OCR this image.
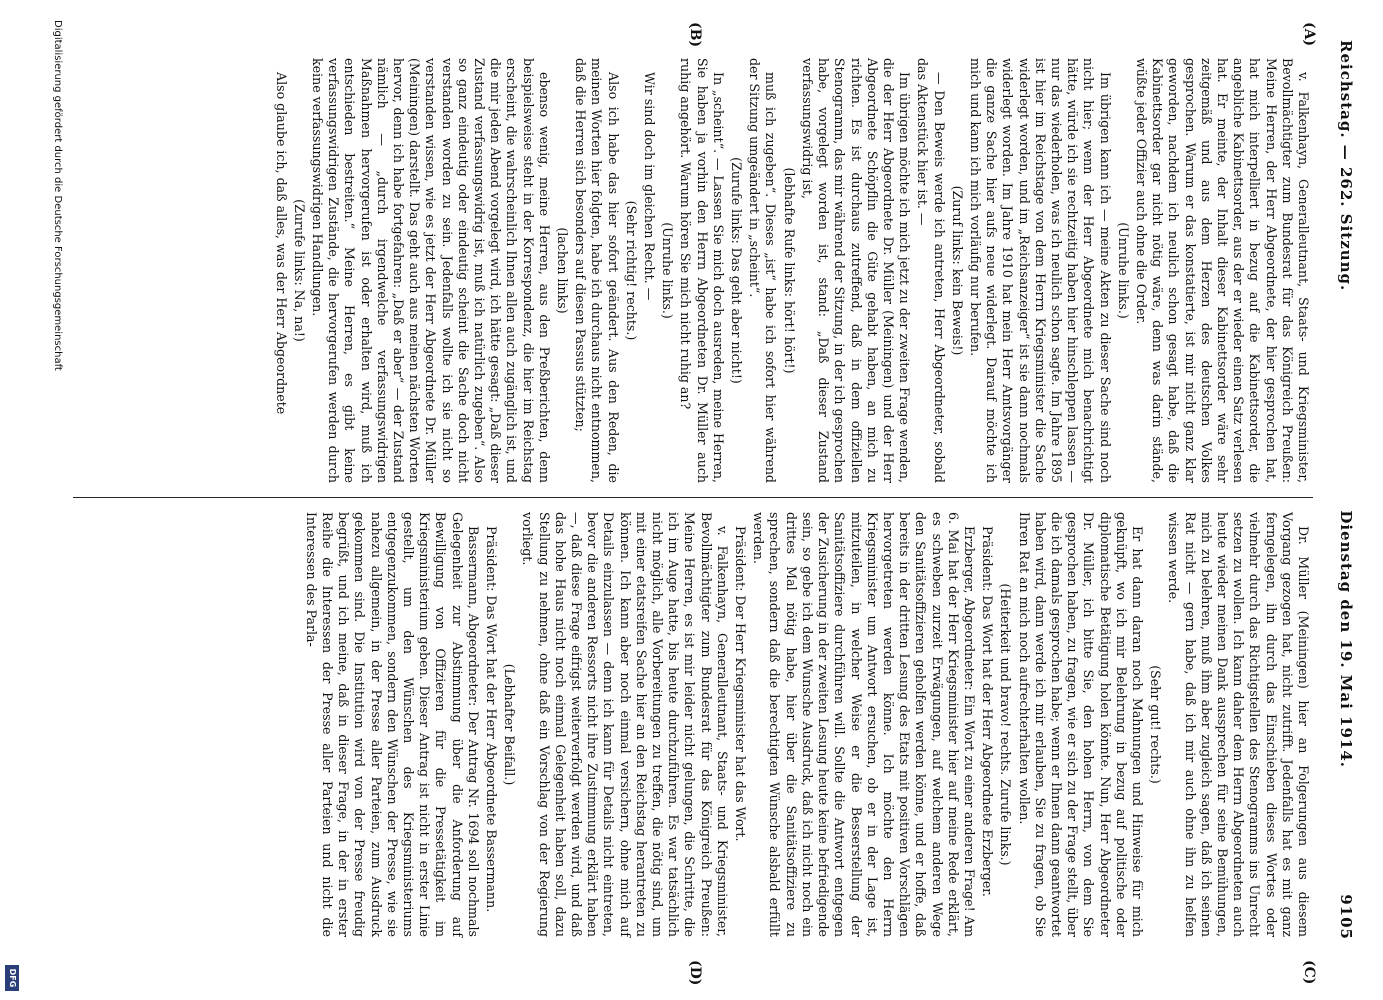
Reichstag. — 262. Sitzung.
Dienstag den 19. Mai 1914. 9105
(A)
(B)
(C)
(D)

v. Falkenhayn, Generalleutnant, Staats- und Kriegsminister, Bevollmächtigter zum Bundesrat für das Königreich Preußen: Meine Herren, der Herr Abgeordnete, der hier gesprochen hat, hat mich interpelliert in bezug auf die Kabinettsorder, die angebliche Kabinettsorder, aus der er wieder einen Satz verlesen hat. Er meinte, der Inhalt dieser Kabinettsorder wäre sehr zeitgemäß und aus dem Herzen des deutschen Volkes gesprochen. Warum er das konstatierte, ist mir nicht ganz klar geworden, nachdem ich neulich schon gesagt habe, daß die Kabinettsorder gar nicht nötig wäre, denn was darin stände, wüßte jeder Offizier auch ohne die Order.

(Unruhe links.)

Im übrigen kann ich — meine Akten zu dieser Sache sind noch nicht hier; wenn der Herr Abgeordnete mich benachrichtigt hätte, würde ich sie rechtzeitig haben hier hinschleppen lassen — nur das wiederholen, was ich neulich schon sagte. Im Jahre 1895 ist hier im Reichstage von dem Herrn Kriegsminister die Sache widerlegt worden, und im „Reichsanzeiger“ ist sie dann nochmals widerlegt worden. Im Jahre 1910 hat mein Herr Amtsvorgänger die ganze Sache hier aufs neue widerlegt. Darauf möchte ich mich und kann ich mich vorläufig nur berufen.

(Zuruf links: kein Beweis!)

— Den Beweis werde ich antreten, Herr Abgeordneter, sobald das Aktenstück hier ist. —

Im übrigen möchte ich mich jetzt zu der zweiten Frage wenden, die der Herr Abgeordnete Dr. Müller (Meiningen) und der Herr Abgeordnete Schöpflin die Güte gehabt haben, an mich zu richten. Es ist durchaus zutreffend, daß in dem offiziellen Stenogramm, das mir während der Sitzung, in der ich gesprochen habe, vorgelegt worden ist, stand: „Daß dieser Zustand verfassungswidrig ist,

(lebhafte Rufe links: hört! hört!)

muß ich zugeben“. Dieses „ist“ habe ich sofort hier während der Sitzung umgeändert in „scheint“.

(Zurufe links: Das geht aber nicht!)

In „scheint“. — Lassen Sie mich doch ausreden, meine Herren, Sie haben ja vorhin den Herrn Abgeordneten Dr. Müller auch ruhig angehört. Warum hören Sie mich nicht ruhig an?

(Unruhe links.)

Wir sind doch im gleichen Recht. —

(Sehr richtig! rechts.)

Also ich habe das hier sofort geändert. Aus den Reden, die meinen Worten hier folgten, habe ich durchaus nicht entnommen, daß die Herren sich besonders auf diesen Passus stützten;

(lachen links)

ebenso wenig, meine Herren, aus den Preßberichten, denn beispielsweise steht in der Korrespondenz, die hier im Reichstag erscheint, die wahrscheinlich Ihnen allen auch zugänglich ist, und die mir jeden Abend vorgelegt wird, ich hätte gesagt: „Daß dieser Zustand verfassungswidrig ist, muß ich natürlich zugeben“. Also so ganz eindeutig oder eindeutig scheint die Sache doch nicht verstanden worden zu sein. Jedenfalls wollte ich sie nicht so verstanden wissen, wie es jetzt der Herr Abgeordnete Dr. Müller (Meiningen) darstellt. Das geht auch aus meinen nächsten Worten hervor, denn ich habe fortgefahren: „Daß er aber“ — der Zustand nämlich — „durch irgendwelche verfassungswidrigen Maßnahmen hervorgerufen ist oder erhalten wird, muß ich entschieden bestreiten.“ Meine Herren, es gibt keine verfassungswidrigen Zustände, die hervorgerufen werden durch keine verfassungswidrigen Handlungen.

(Zurufe links: Na, na!)

Also glaube ich, daß alles, was der Herr Abgeordnete

Dr. Müller (Meiningen) hier an Folgerungen aus diesem Vorgang gezogen hat, nicht zutrifft. Jedenfalls hat es mit ganz ferngelegen, ihn durch das Einschieben dieses Wortes oder vielmehr durch das Richtigstellen des Stenogramms ins Unrecht setzen zu wollen. Ich kann daher dem Herrn Abgeordneten auch heute wieder meinen Dank aussprechen für seine Bemühungen, mich zu belehren, muß ihm aber zugleich sagen, daß ich seinen Rat nicht — gern habe, daß ich mir auch ohne ihn zu helfen wissen werde.

(Sehr gut! rechts.)

Er hat dann daran noch Mahnungen und Hinweise für mich geknüpft, wo ich mir Belehrung in bezug auf politische oder diplomatische Betätigung holen könnte. Nun, Herr Abgeordneter Dr. Müller, ich bitte Sie, den hohen Herrn, von dem Sie gesprochen haben, zu fragen, wie er sich zu der Frage stellt, über die ich damals gesprochen habe; wenn er Ihnen dann geantwortet haben wird, dann werde ich mir erlauben, Sie zu fragen, ob Sie Ihren Rat an mich noch aufrechterhalten wollen.

(Heiterkeit und bravo! rechts. Zurufe links.)

Präsident: Das Wort hat der Herr Abgeordnete Erzberger.

Erzberger, Abgeordneter: Ein Wort zu einer anderen Frage! Am 6. Mai hat der Herr Kriegsminister hier auf meine Rede erklärt, es schweben zurzeit Erwägungen, auf welchem anderen Wege den Sanitätsoffizieren geholfen werden könne, und er hoffe, daß bereits in der dritten Lesung des Etats mit positiven Vorschlägen hervorgetreten werden könne. Ich möchte den Herrn Kriegsminister um Antwort ersuchen, ob er in der Lage ist, mitzuteilen, in welcher Weise er die Besserstellung der Sanitätsoffiziere durchführen will. Sollte die Antwort entgegen der Zusicherung in der zweiten Lesung heute keine befriedigende sein, so gebe ich dem Wunsche Ausdruck, daß ich nicht noch ein drittes Mal nötig habe, hier über die Sanitätsoffiziere zu sprechen, sondern daß die berechtigten Wünsche alsbald erfüllt werden.

Präsident: Der Herr Kriegsminister hat das Wort.

v. Falkenhayn, Generalleutnant, Staats- und Kriegsminister, Bevollmächtigter zum Bundesrat für das Königreich Preußen: Meine Herren, es ist mir leider nicht gelungen, die Schritte, die ich im Auge hatte, bis heute durchzuführen. Es war tatsächlich nicht möglich, alle Vorbereitungen zu treffen, die nötig sind, um mit einer etatsreifen Sache hier an den Reichstag herantreten zu können. Ich kann aber noch einmal versichern, ohne mich auf Details einzulassen — denn ich kann für Details nicht eintreten, bevor die anderen Ressorts nicht ihre Zustimmung erklärt haben —, daß diese Frage eifrigst weiterverfolgt werden wird, und daß das hohe Haus nicht noch einmal Gelegenheit haben soll, dazu Stellung zu nehmen, ohne daß ein Vorschlag von der Regierung vorliegt.

(Lebhafter Beifall.)

Präsident: Das Wort hat der Herr Abgeordnete Bassermann.

Bassermann, Abgeordneter: Der Antrag Nr. 1694 soll nochmals Gelegenheit zur Abstimmung über die Anforderung auf Bewilligung von Offizieren für die Pressetätigkeit im Kriegsministerium geben. Dieser Antrag ist nicht in erster Linie gestellt, um den Wünschen des Kriegsministeriums entgegenzukommen, sondern den Wünschen der Presse, wie sie nahezu allgemein, in der Presse aller Parteien, zum Ausdruck gekommen sind. Die Institution wird von der Presse freudig begrüßt, und ich meine, daß in dieser Frage, in der in erster Reihe die Interessen der Presse aller Parteien und nicht die Interessen des Parla-

Digitalisierung gefördert durch die Deutsche Forschungsgemeinschaft
DFG
